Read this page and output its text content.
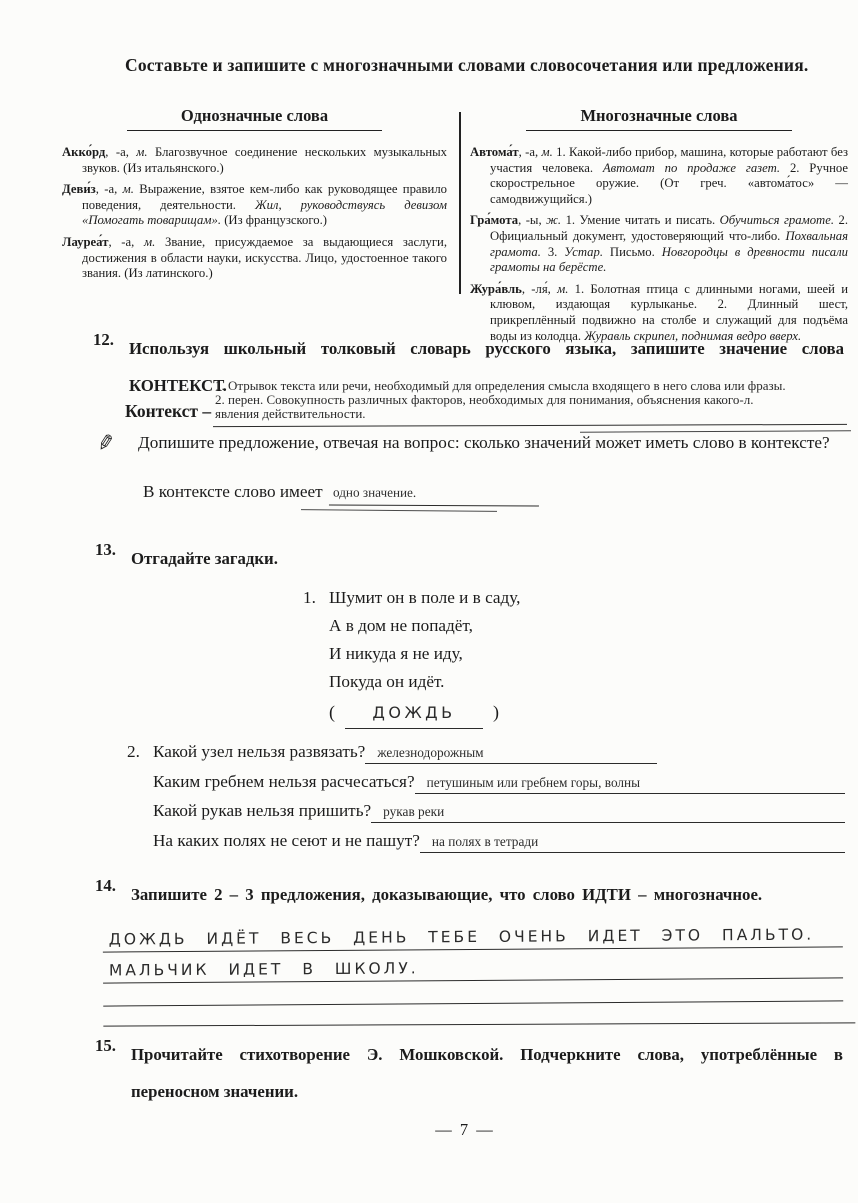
Составьте и запишите с многозначными словами словосочетания или предложения.

Однозначные слова

Акко́рд, -а, м. Благозвучное соединение нескольких музыкальных звуков. (Из итальянского.)

Деви́з, -а, м. Выражение, взятое кем-либо как руководящее правило поведения, деятельности. Жил, руководствуясь девизом «Помогать товарищам». (Из французского.)

Лауреа́т, -а, м. Звание, присуждаемое за выдающиеся заслуги, достижения в области науки, искусства. Лицо, удостоенное такого звания. (Из латинского.)

Многозначные слова

Автома́т, -а, м. 1. Какой-либо прибор, машина, которые работают без участия человека. Автомат по продаже газет. 2. Ручное скорострельное оружие. (От греч. «автома́тос» — самодвижущийся.)

Гра́мота, -ы, ж. 1. Умение читать и писать. Обучиться грамоте. 2. Официальный документ, удостоверяющий что-либо. Похвальная грамота. 3. Устар. Письмо. Новгородцы в древности писали грамоты на берёсте.

Жура́вль, -ля́, м. 1. Болотная птица с длинными ногами, шеей и клювом, издающая курлыканье. 2. Длинный шест, прикреплённый подвижно на столбе и служащий для подъёма воды из колодца. Журавль скрипел, поднимая ведро вверх.

12. Используя школьный толковый словарь русского языка, запишите значение слова КОНТЕКСТ.

Контекст –
1. Отрывок текста или речи, необходимый для определения смысла входящего в него слова или фразы.
2. перен. Совокупность различных факторов, необходимых для понимания, объяснения какого-л.
явления действительности.
✎	Допишите предложение, отвечая на вопрос: сколько значений может иметь слово в контексте?

В контексте слово имеет одно значение.
13. Отгадайте загадки.

1. Шумит он в поле и в саду,
А в дом не попадёт,
И никуда я не иду,
Покуда он идёт.
( ДОЖДЬ )
2. Какой узел нельзя развязать? железнодорожным
Каким гребнем нельзя расчесаться? петушиным или гребнем горы, волны
Какой рукав нельзя пришить? рукав реки
На каких полях не сеют и не пашут? на полях в тетради
14. Запишите 2 – 3 предложения, доказывающие, что слово ИДТИ – многозначное.

ДОЖДЬ ИДЁТ ВЕСЬ ДЕНЬ ТЕБЕ ОЧЕНЬ ИДЕТ ЭТО ПАЛЬТО.
МАЛЬЧИК ИДЕТ В ШКОЛУ.
15. Прочитайте стихотворение Э. Мошковской. Подчеркните слова, употреблённые в переносном значении.

— 7 —
